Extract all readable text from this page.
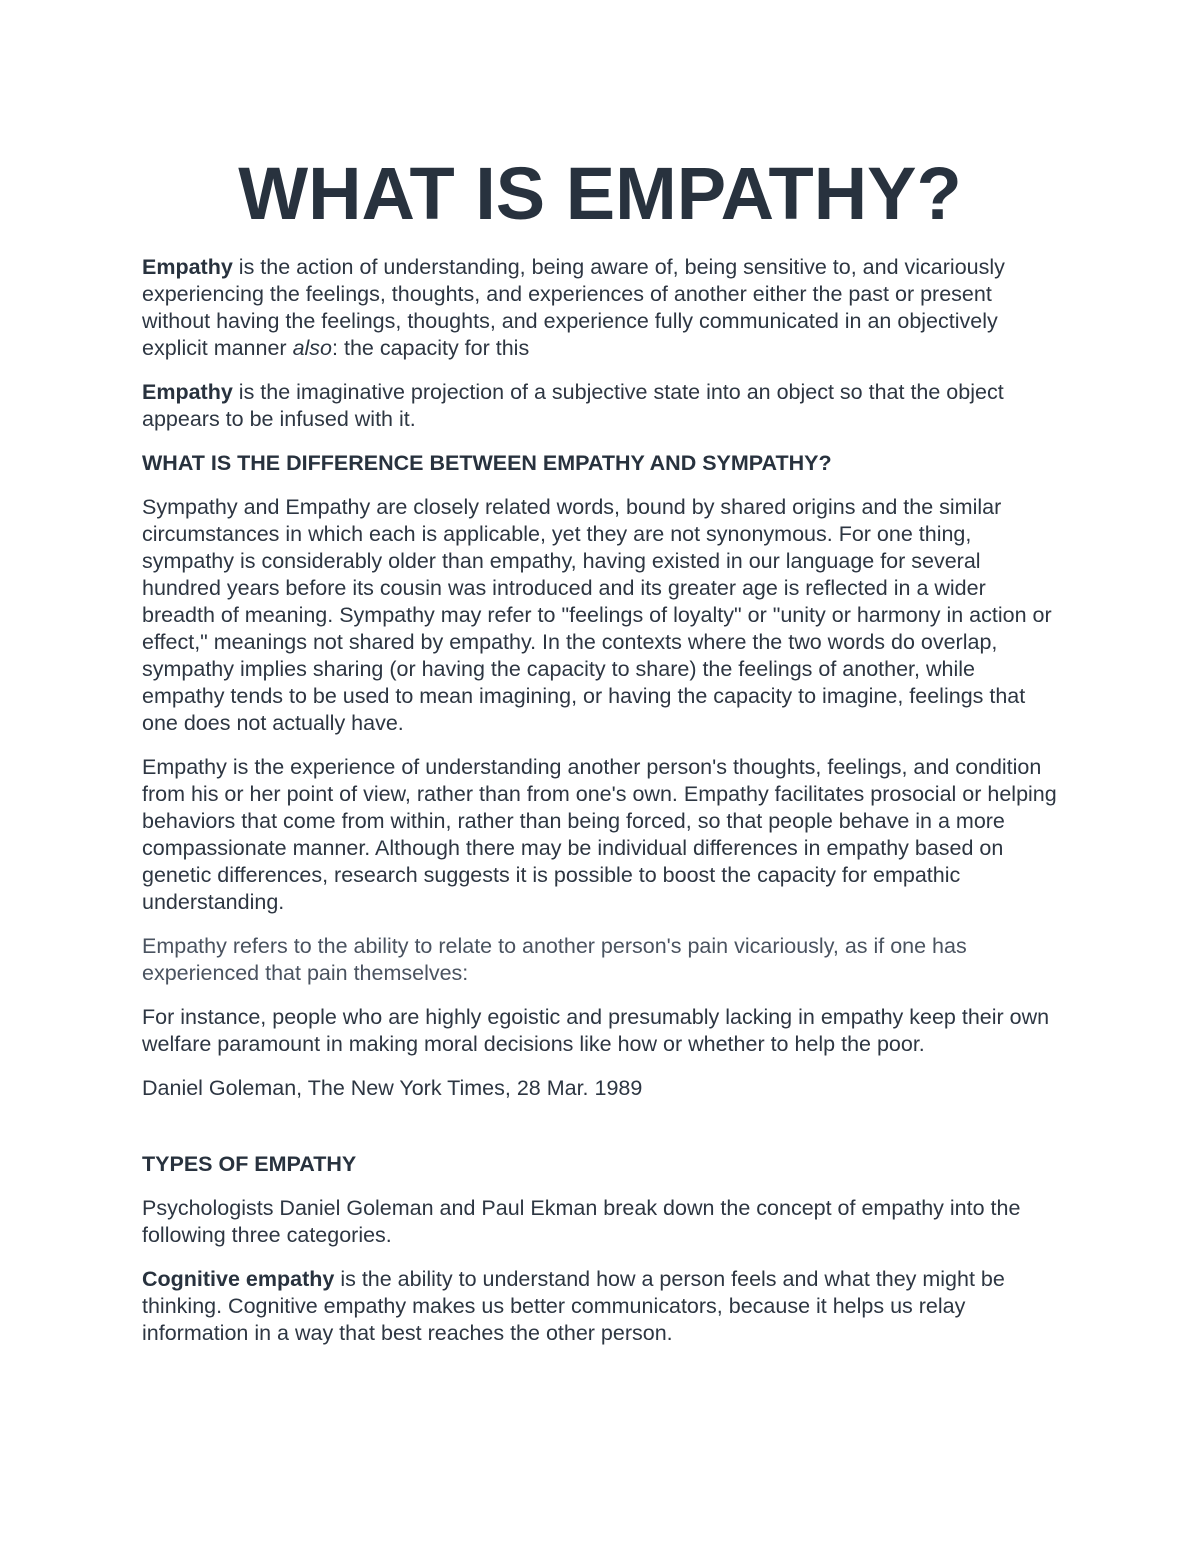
WHAT IS EMPATHY?

Empathy is the action of understanding, being aware of, being sensitive to, and vicariously experiencing the feelings, thoughts, and experiences of another either the past or present without having the feelings, thoughts, and experience fully communicated in an objectively explicit manner also: the capacity for this

Empathy is the imaginative projection of a subjective state into an object so that the object appears to be infused with it.

WHAT IS THE DIFFERENCE BETWEEN EMPATHY AND SYMPATHY?

Sympathy and Empathy are closely related words, bound by shared origins and the similar circumstances in which each is applicable, yet they are not synonymous. For one thing, sympathy is considerably older than empathy, having existed in our language for several hundred years before its cousin was introduced and its greater age is reflected in a wider breadth of meaning. Sympathy may refer to "feelings of loyalty" or "unity or harmony in action or effect," meanings not shared by empathy. In the contexts where the two words do overlap, sympathy implies sharing (or having the capacity to share) the feelings of another, while empathy tends to be used to mean imagining, or having the capacity to imagine, feelings that one does not actually have.

Empathy is the experience of understanding another person's thoughts, feelings, and condition from his or her point of view, rather than from one's own. Empathy facilitates prosocial or helping behaviors that come from within, rather than being forced, so that people behave in a more compassionate manner. Although there may be individual differences in empathy based on genetic differences, research suggests it is possible to boost the capacity for empathic understanding.

Empathy refers to the ability to relate to another person's pain vicariously, as if one has experienced that pain themselves:

For instance, people who are highly egoistic and presumably lacking in empathy keep their own welfare paramount in making moral decisions like how or whether to help the poor.

Daniel Goleman, The New York Times, 28 Mar. 1989

TYPES OF EMPATHY

Psychologists Daniel Goleman and Paul Ekman break down the concept of empathy into the following three categories.

Cognitive empathy is the ability to understand how a person feels and what they might be thinking. Cognitive empathy makes us better communicators, because it helps us relay information in a way that best reaches the other person.
